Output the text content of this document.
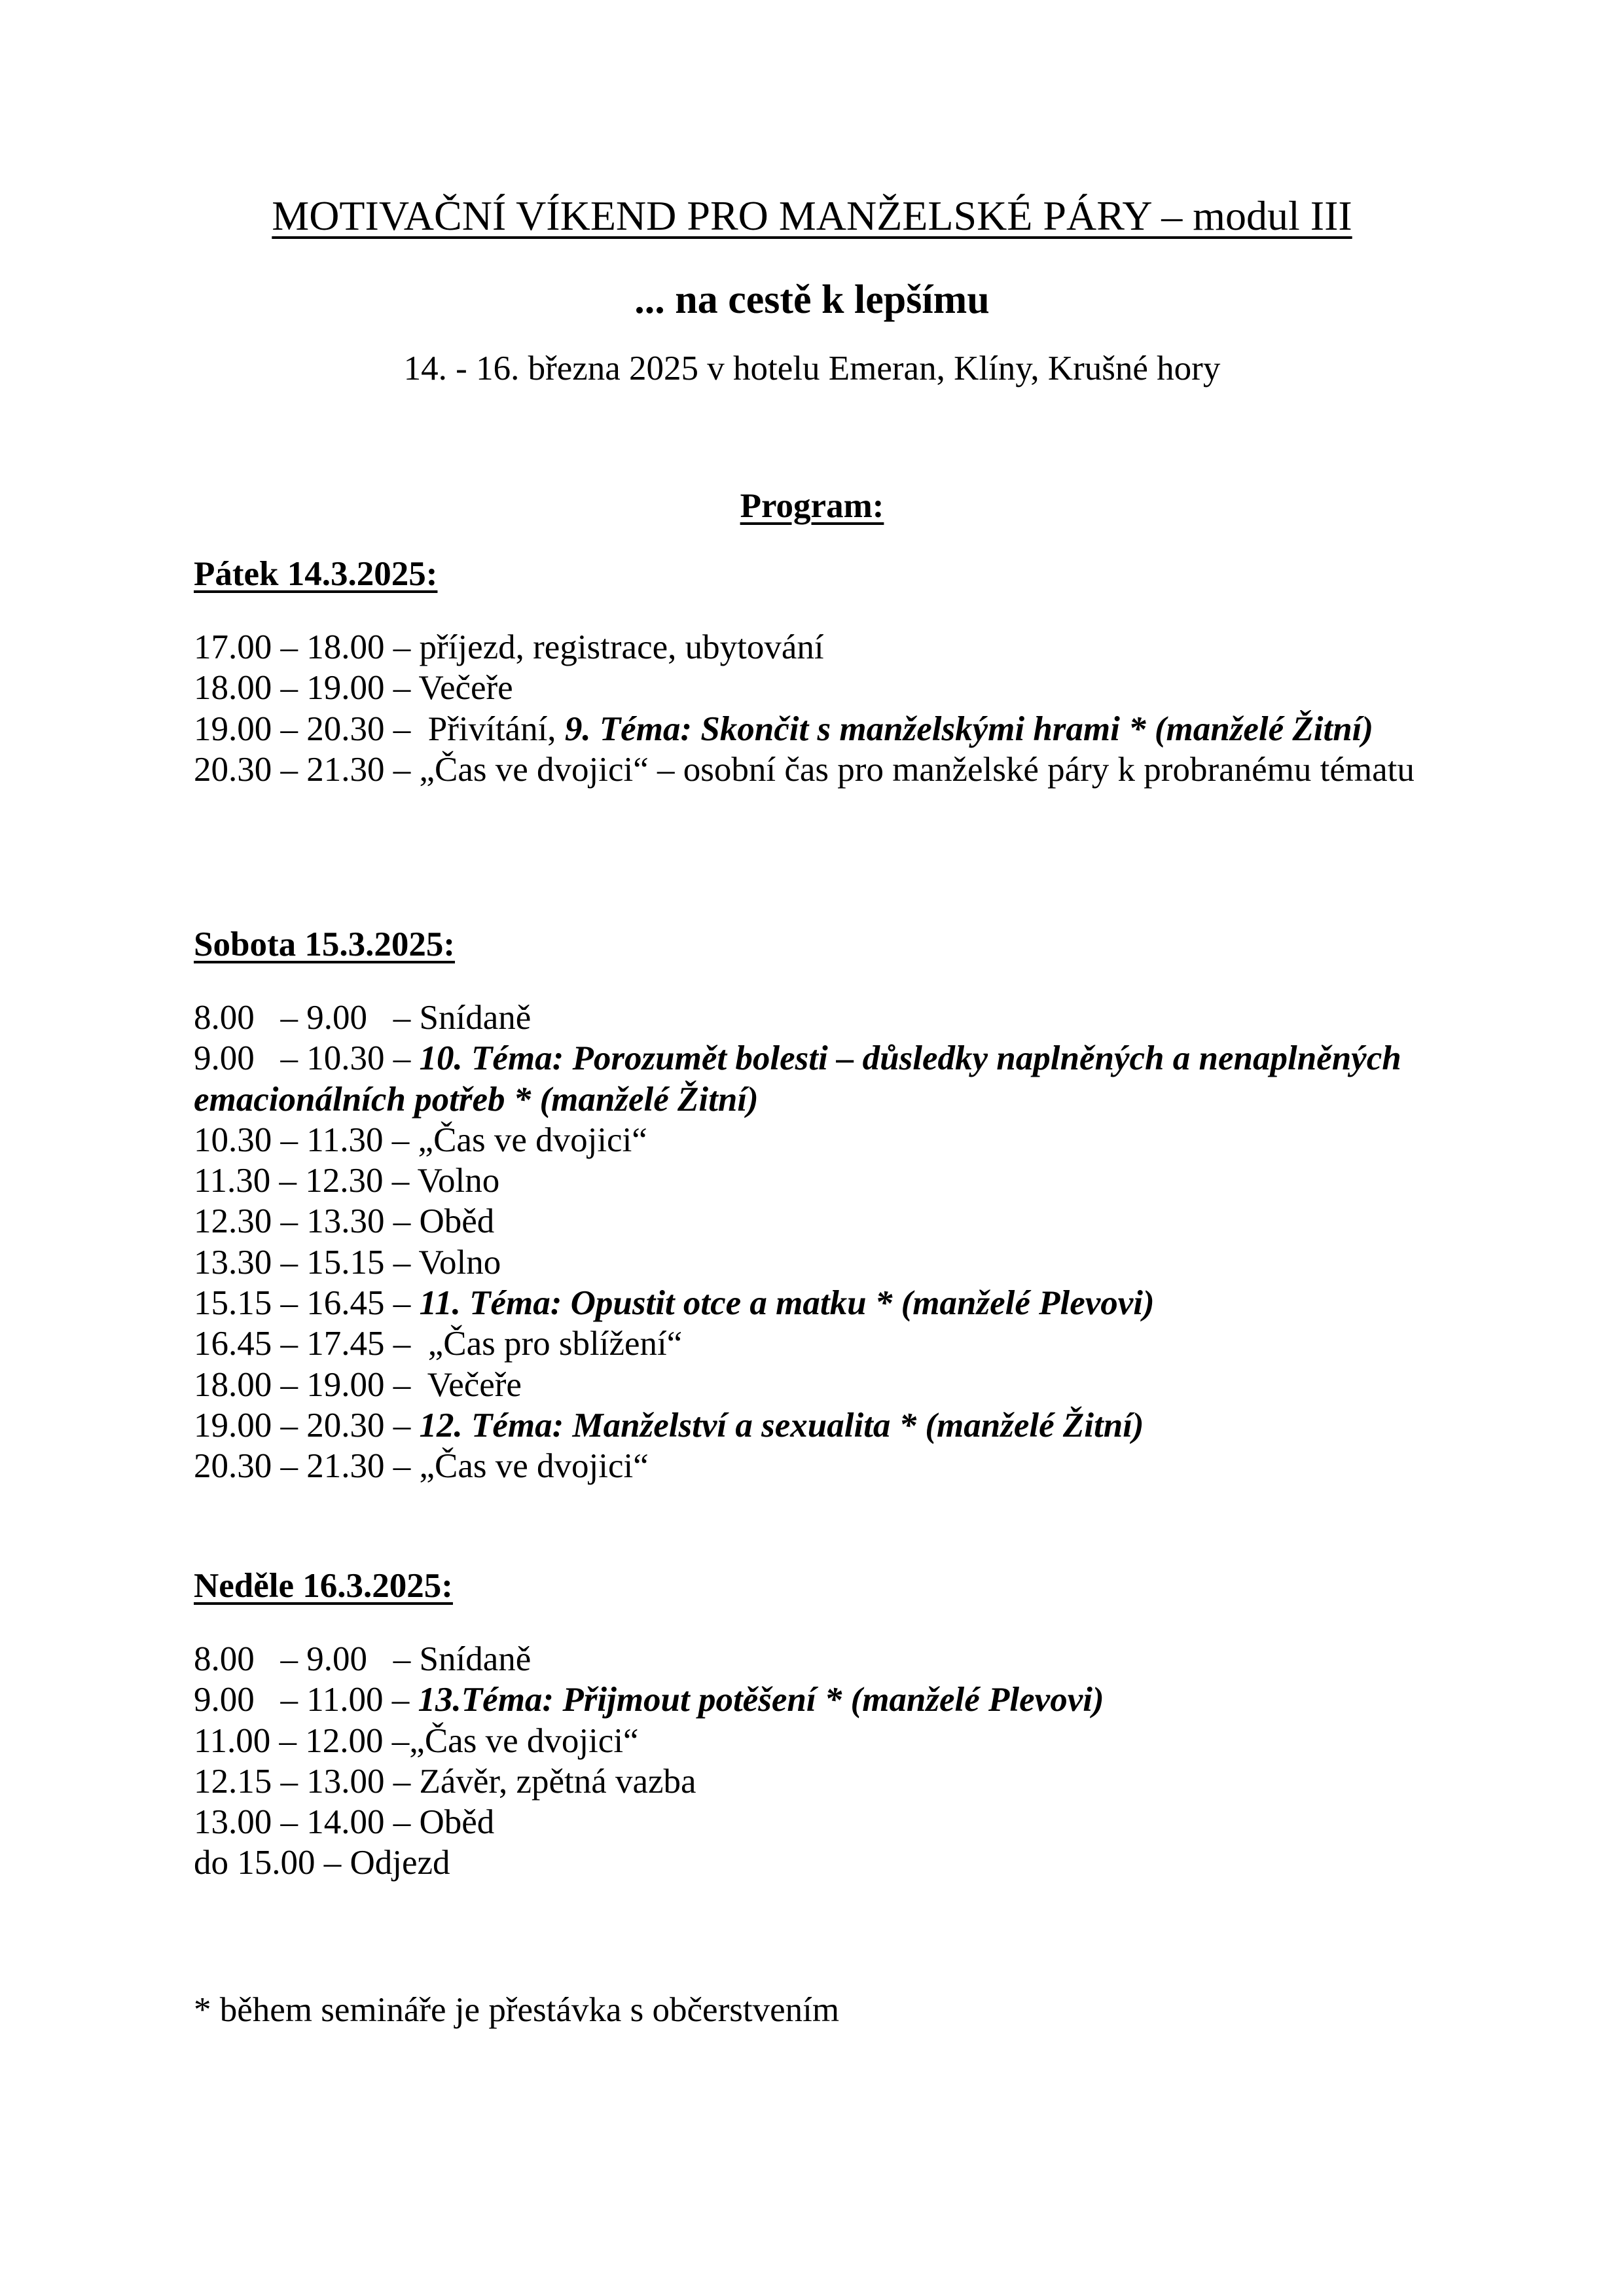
MOTIVAČNÍ VÍKEND PRO MANŽELSKÉ PÁRY – modul III
... na cestě k lepšímu
14. - 16. března 2025 v hotelu Emeran, Klíny, Krušné hory
Program:

Pátek 14.3.2025:

17.00 – 18.00 – příjezd, registrace, ubytování
18.00 – 19.00 – Večeře
19.00 – 20.30 –  Přivítání, 9. Téma: Skončit s manželskými hrami * (manželé Žitní)
20.30 – 21.30 – „Čas ve dvojici“ – osobní čas pro manželské páry k probranému tématu

Sobota 15.3.2025:

8.00   – 9.00   – Snídaně
9.00   – 10.30 – 10. Téma: Porozumět bolesti – důsledky naplněných a nenaplněných emacionálních potřeb * (manželé Žitní)
10.30 – 11.30 – „Čas ve dvojici“
11.30 – 12.30 – Volno
12.30 – 13.30 – Oběd
13.30 – 15.15 – Volno
15.15 – 16.45 – 11. Téma: Opustit otce a matku * (manželé Plevovi)
16.45 – 17.45 –  „Čas pro sblížení“
18.00 – 19.00 –  Večeře
19.00 – 20.30 – 12. Téma: Manželství a sexualita * (manželé Žitní)
20.30 – 21.30 – „Čas ve dvojici“

Neděle 16.3.2025:

8.00   – 9.00   – Snídaně
9.00   – 11.00 – 13.Téma: Přijmout potěšení * (manželé Plevovi)
11.00 – 12.00 –„Čas ve dvojici“
12.15 – 13.00 – Závěr, zpětná vazba
13.00 – 14.00 – Oběd
do 15.00 – Odjezd
* během semináře je přestávka s občerstvením
